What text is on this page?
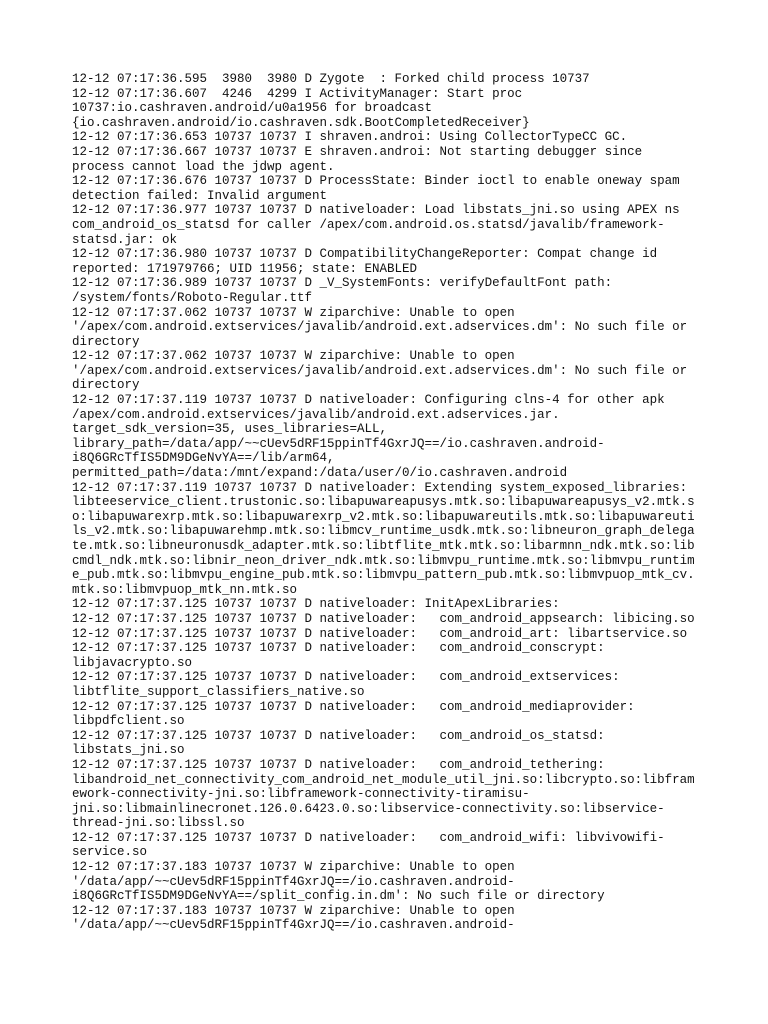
12-12 07:17:36.595  3980  3980 D Zygote  : Forked child process 10737
12-12 07:17:36.607  4246  4299 I ActivityManager: Start proc
10737:io.cashraven.android/u0a1956 for broadcast
{io.cashraven.android/io.cashraven.sdk.BootCompletedReceiver}
12-12 07:17:36.653 10737 10737 I shraven.androi: Using CollectorTypeCC GC.
12-12 07:17:36.667 10737 10737 E shraven.androi: Not starting debugger since
process cannot load the jdwp agent.
12-12 07:17:36.676 10737 10737 D ProcessState: Binder ioctl to enable oneway spam
detection failed: Invalid argument
12-12 07:17:36.977 10737 10737 D nativeloader: Load libstats_jni.so using APEX ns
com_android_os_statsd for caller /apex/com.android.os.statsd/javalib/framework-
statsd.jar: ok
12-12 07:17:36.980 10737 10737 D CompatibilityChangeReporter: Compat change id
reported: 171979766; UID 11956; state: ENABLED
12-12 07:17:36.989 10737 10737 D _V_SystemFonts: verifyDefaultFont path:
/system/fonts/Roboto-Regular.ttf
12-12 07:17:37.062 10737 10737 W ziparchive: Unable to open
'/apex/com.android.extservices/javalib/android.ext.adservices.dm': No such file or
directory
12-12 07:17:37.062 10737 10737 W ziparchive: Unable to open
'/apex/com.android.extservices/javalib/android.ext.adservices.dm': No such file or
directory
12-12 07:17:37.119 10737 10737 D nativeloader: Configuring clns-4 for other apk
/apex/com.android.extservices/javalib/android.ext.adservices.jar.
target_sdk_version=35, uses_libraries=ALL,
library_path=/data/app/~~cUev5dRF15ppinTf4GxrJQ==/io.cashraven.android-
i8Q6GRcTfIS5DM9DGeNvYA==/lib/arm64,
permitted_path=/data:/mnt/expand:/data/user/0/io.cashraven.android
12-12 07:17:37.119 10737 10737 D nativeloader: Extending system_exposed_libraries:
libteeservice_client.trustonic.so:libapuwareapusys.mtk.so:libapuwareapusys_v2.mtk.s
o:libapuwarexrp.mtk.so:libapuwarexrp_v2.mtk.so:libapuwareutils.mtk.so:libapuwareuti
ls_v2.mtk.so:libapuwarehmp.mtk.so:libmcv_runtime_usdk.mtk.so:libneuron_graph_delega
te.mtk.so:libneuronusdk_adapter.mtk.so:libtflite_mtk.mtk.so:libarmnn_ndk.mtk.so:lib
cmdl_ndk.mtk.so:libnir_neon_driver_ndk.mtk.so:libmvpu_runtime.mtk.so:libmvpu_runtim
e_pub.mtk.so:libmvpu_engine_pub.mtk.so:libmvpu_pattern_pub.mtk.so:libmvpuop_mtk_cv.
mtk.so:libmvpuop_mtk_nn.mtk.so
12-12 07:17:37.125 10737 10737 D nativeloader: InitApexLibraries:
12-12 07:17:37.125 10737 10737 D nativeloader:   com_android_appsearch: libicing.so
12-12 07:17:37.125 10737 10737 D nativeloader:   com_android_art: libartservice.so
12-12 07:17:37.125 10737 10737 D nativeloader:   com_android_conscrypt:
libjavacrypto.so
12-12 07:17:37.125 10737 10737 D nativeloader:   com_android_extservices:
libtflite_support_classifiers_native.so
12-12 07:17:37.125 10737 10737 D nativeloader:   com_android_mediaprovider:
libpdfclient.so
12-12 07:17:37.125 10737 10737 D nativeloader:   com_android_os_statsd:
libstats_jni.so
12-12 07:17:37.125 10737 10737 D nativeloader:   com_android_tethering:
libandroid_net_connectivity_com_android_net_module_util_jni.so:libcrypto.so:libfram
ework-connectivity-jni.so:libframework-connectivity-tiramisu-
jni.so:libmainlinecronet.126.0.6423.0.so:libservice-connectivity.so:libservice-
thread-jni.so:libssl.so
12-12 07:17:37.125 10737 10737 D nativeloader:   com_android_wifi: libvivowifi-
service.so
12-12 07:17:37.183 10737 10737 W ziparchive: Unable to open
'/data/app/~~cUev5dRF15ppinTf4GxrJQ==/io.cashraven.android-
i8Q6GRcTfIS5DM9DGeNvYA==/split_config.in.dm': No such file or directory
12-12 07:17:37.183 10737 10737 W ziparchive: Unable to open
'/data/app/~~cUev5dRF15ppinTf4GxrJQ==/io.cashraven.android-
